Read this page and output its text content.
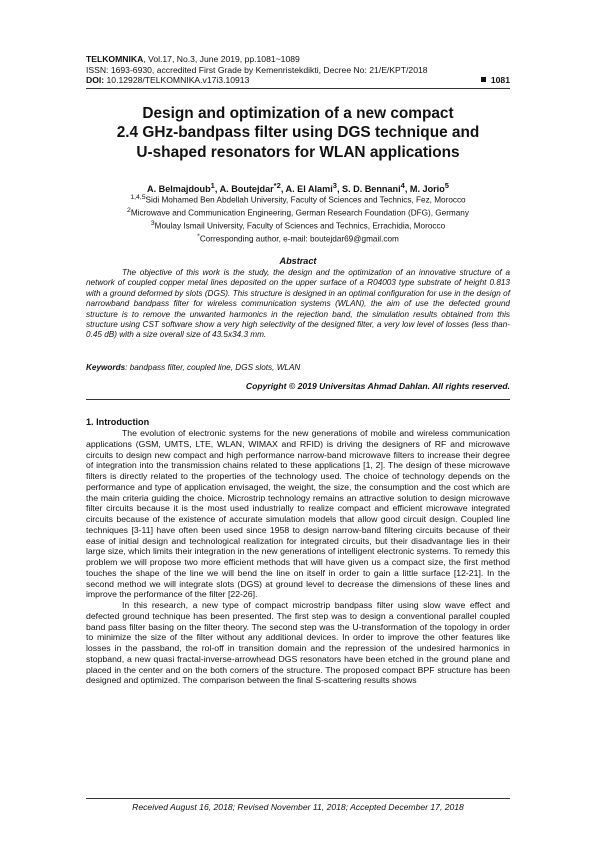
TELKOMNIKA, Vol.17, No.3, June 2019, pp.1081~1089
ISSN: 1693-6930, accredited First Grade by Kemenristekdikti, Decree No: 21/E/KPT/2018
DOI: 10.12928/TELKOMNIKA.v17i3.10913	1081
Design and optimization of a new compact
2.4 GHz-bandpass filter using DGS technique and
U-shaped resonators for WLAN applications
A. Belmajdoub$^1$, A. Boutejdar$^{*2}$, A. El Alami$^3$, S. D. Bennani$^4$, M. Jorio$^5$
$^{1,4,5}$Sidi Mohamed Ben Abdellah University, Faculty of Sciences and Technics, Fez, Morocco
$^2$Microwave and Communication Engineering, German Research Foundation (DFG), Germany
$^3$Moulay Ismail University, Faculty of Sciences and Technics, Errachidia, Morocco
*Corresponding author, e-mail: boutejdar69@gmail.com
Abstract

The objective of this work is the study, the design and the optimization of an innovative structure of a network of coupled copper metal lines deposited on the upper surface of a R04003 type substrate of height 0.813 with a ground deformed by slots (DGS). This structure is designed in an optimal configuration for use in the design of narrowband bandpass filter for wireless communication systems (WLAN), the aim of use the defected ground structure is to remove the unwanted harmonics in the rejection band, the simulation results obtained from this structure using CST software show a very high selectivity of the designed filter, a very low level of losses (less than-0.45 dB) with a size overall size of 43.5x34.3 mm.

Keywords: bandpass filter, coupled line, DGS slots, WLAN
Copyright © 2019 Universitas Ahmad Dahlan. All rights reserved.
1. Introduction

The evolution of electronic systems for the new generations of mobile and wireless communication applications (GSM, UMTS, LTE, WLAN, WIMAX and RFID) is driving the designers of RF and microwave circuits to design new compact and high performance narrow-band microwave filters to increase their degree of integration into the transmission chains related to these applications [1, 2]. The design of these microwave filters is directly related to the properties of the technology used. The choice of technology depends on the performance and type of application envisaged, the weight, the size, the consumption and the cost which are the main criteria guiding the choice. Microstrip technology remains an attractive solution to design microwave filter circuits because it is the most used industrially to realize compact and efficient microwave integrated circuits because of the existence of accurate simulation models that allow good circuit design. Coupled line techniques [3-11] have often been used since 1958 to design narrow-band filtering circuits because of their ease of initial design and technological realization for integrated circuits, but their disadvantage lies in their large size, which limits their integration in the new generations of intelligent electronic systems. To remedy this problem we will propose two more efficient methods that will have given us a compact size, the first method touches the shape of the line we will bend the line on itself in order to gain a little surface [12-21]. In the second method we will integrate slots (DGS) at ground level to decrease the dimensions of these lines and improve the performance of the filter [22-26].

In this research, a new type of compact microstrip bandpass filter using slow wave effect and defected ground technique has been presented. The first step was to design a conventional parallel coupled band pass filter basing on the filter theory. The second step was the U-transformation of the topology in order to minimize the size of the filter without any additional devices. In order to improve the other features like losses in the passband, the rol-off in transition domain and the repression of the undesired harmonics in stopband, a new quasi fractal-inverse-arrowhead DGS resonators have been etched in the ground plane and placed in the center and on the both corners of the structure. The proposed compact BPF structure has been designed and optimized. The comparison between the final S-scattering results shows

Received August 16, 2018; Revised November 11, 2018; Accepted December 17, 2018
